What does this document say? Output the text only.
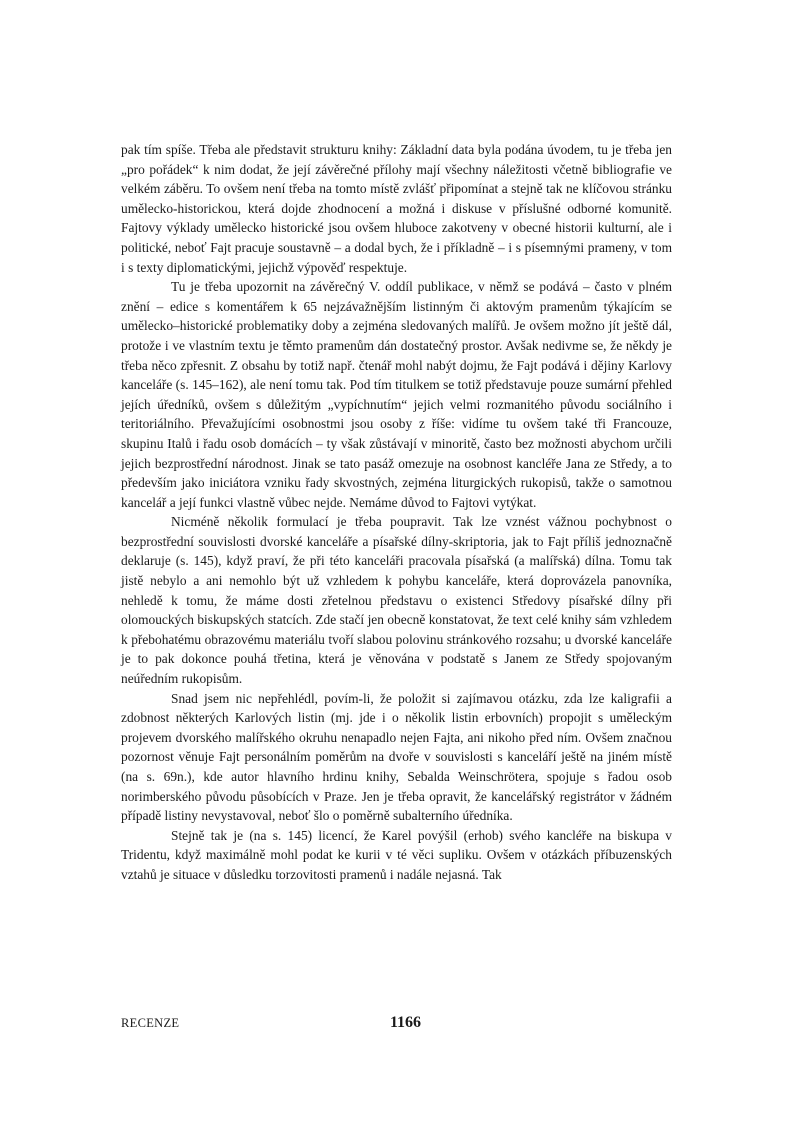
pak tím spíše. Třeba ale představit strukturu knihy: Základní data byla podána úvodem, tu je třeba jen „pro pořádek“ k nim dodat, že její závěrečné přílohy mají všechny náležitosti včetně bibliografie ve velkém záběru. To ovšem není třeba na tomto místě zvlášť připomínat a stejně tak ne klíčovou stránku umělecko-historickou, která dojde zhodnocení a možná i diskuse v příslušné odborné komunitě. Fajtovy výklady umělecko historické jsou ovšem hluboce zakotveny v obecné historii kulturní, ale i politické, neboť Fajt pracuje soustavně – a dodal bych, že i příkladně – i s písemnými prameny, v tom i s texty diplomatickými, jejichž výpověď respektuje.

Tu je třeba upozornit na závěrečný V. oddíl publikace, v němž se podává – často v plném znění – edice s komentářem k 65 nejzávažnějším listinným či aktovým pramenům týkajícím se umělecko–historické problematiky doby a zejména sledovaných malířů. Je ovšem možno jít ještě dál, protože i ve vlastním textu je těmto pramenům dán dostatečný prostor. Avšak nedivme se, že někdy je třeba něco zpřesnit. Z obsahu by totiž např. čtenář mohl nabýt dojmu, že Fajt podává i dějiny Karlovy kanceláře (s. 145–162), ale není tomu tak. Pod tím titulkem se totiž představuje pouze sumární přehled jejích úředníků, ovšem s důležitým „vypíchnutím“ jejich velmi rozmanitého původu sociálního i teritoriálního. Převažujícími osobnostmi jsou osoby z říše: vidíme tu ovšem také tři Francouze, skupinu Italů i řadu osob domácích – ty však zůstávají v minoritě, často bez možnosti abychom určili jejich bezprostřední národnost. Jinak se tato pasáž omezuje na osobnost kancléře Jana ze Středy, a to především jako iniciátora vzniku řady skvostných, zejména liturgických rukopisů, takže o samotnou kancelář a její funkci vlastně vůbec nejde. Nemáme důvod to Fajtovi vytýkat.

Nicméně několik formulací je třeba poupravit. Tak lze vznést vážnou pochybnost o bezprostřední souvislosti dvorské kanceláře a písařské dílny-skriptoria, jak to Fajt příliš jednoznačně deklaruje (s. 145), když praví, že při této kanceláři pracovala písařská (a malířská) dílna. Tomu tak jistě nebylo a ani nemohlo být už vzhledem k pohybu kanceláře, která doprovázela panovníka, nehledě k tomu, že máme dosti zřetelnou představu o existenci Středovy písařské dílny při olomouckých biskupských statcích. Zde stačí jen obecně konstatovat, že text celé knihy sám vzhledem k přebohatému obrazovému materiálu tvoří slabou polovinu stránkového rozsahu; u dvorské kanceláře je to pak dokonce pouhá třetina, která je věnována v podstatě s Janem ze Středy spojovaným neúředním rukopisům.

Snad jsem nic nepřehlédl, povím-li, že položit si zajímavou otázku, zda lze kaligrafii a zdobnost některých Karlových listin (mj. jde i o několik listin erbovních) propojit s uměleckým projevem dvorského malířského okruhu nenapadlo nejen Fajta, ani nikoho před ním. Ovšem značnou pozornost věnuje Fajt personálním poměrům na dvoře v souvislosti s kanceláří ještě na jiném místě (na s. 69n.), kde autor hlavního hrdinu knihy, Sebalda Weinschrötera, spojuje s řadou osob norimberského původu působících v Praze. Jen je třeba opravit, že kancelářský registrátor v žádném případě listiny nevystavoval, neboť šlo o poměrně subalterního úředníka.

Stejně tak je (na s. 145) licencí, že Karel povýšil (erhob) svého kancléře na biskupa v Tridentu, když maximálně mohl podat ke kurii v té věci supliku. Ovšem v otázkách příbuzenských vztahů je situace v důsledku torzovitosti pramenů i nadále nejasná. Tak

RECENZE	1166
